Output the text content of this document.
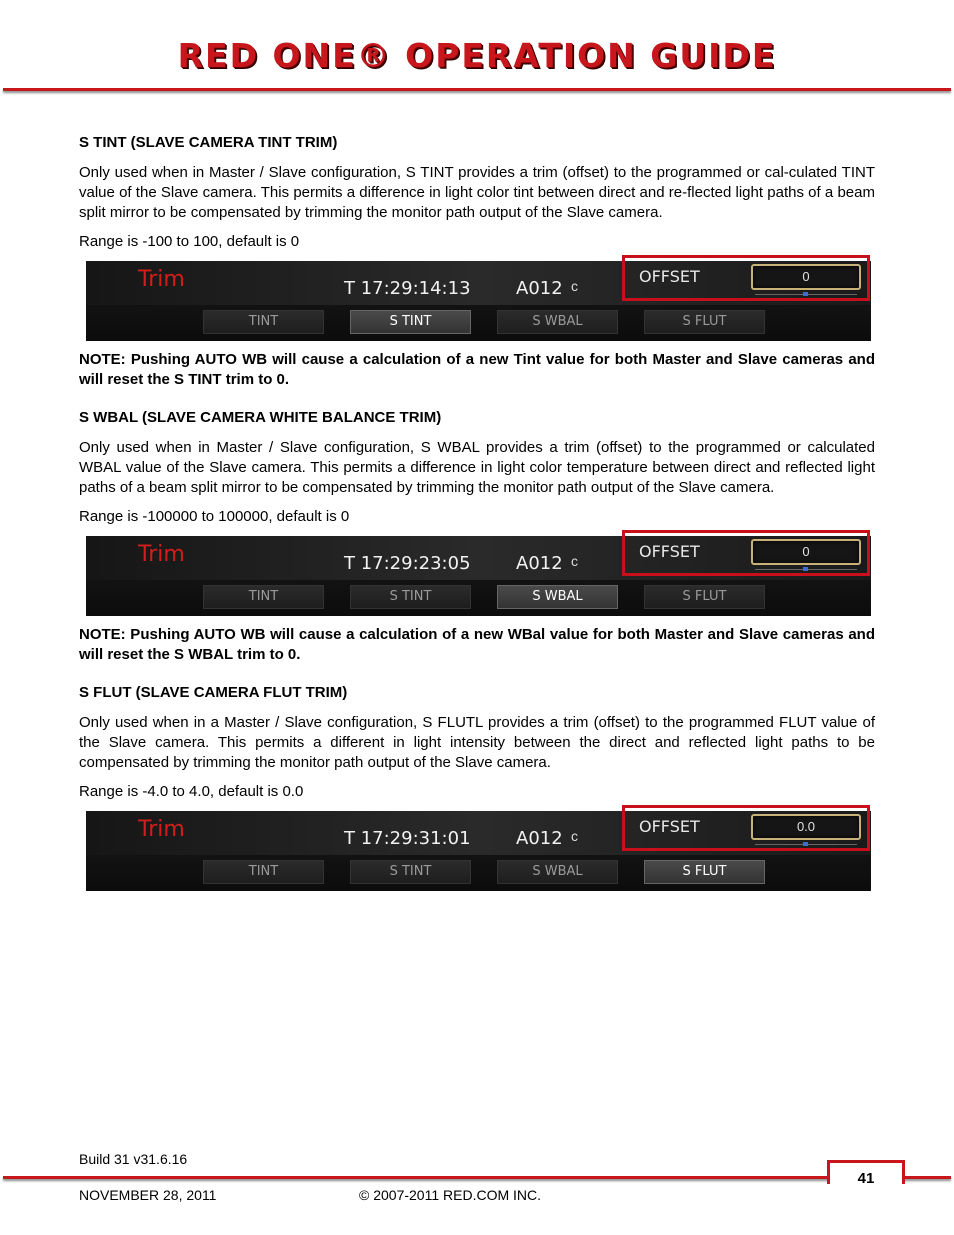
RED ONE® OPERATION GUIDE
S TINT (SLAVE CAMERA TINT TRIM)
Only used when in Master / Slave configuration, S TINT provides a trim (offset) to the programmed or cal-culated TINT value of the Slave camera. This permits a difference in light color tint between direct and re-flected light paths of a beam split mirror to be compensated by trimming the monitor path output of the Slave camera.
Range is -100 to 100, default is 0
Trim	T 17:29:14:13	A012 c	OFFSET	0
TINT	S TINT	S WBAL	S FLUT
NOTE: Pushing AUTO WB will cause a calculation of a new Tint value for both Master and Slave cameras and will reset the S TINT trim to 0.
S WBAL (SLAVE CAMERA WHITE BALANCE TRIM)
Only used when in Master / Slave configuration, S WBAL provides a trim (offset) to the programmed or calculated WBAL value of the Slave camera. This permits a difference in light color temperature between direct and reflected light paths of a beam split mirror to be compensated by trimming the monitor path output of the Slave camera.
Range is -100000 to 100000, default is 0
Trim	T 17:29:23:05	A012 c	OFFSET	0
TINT	S TINT	S WBAL	S FLUT
NOTE: Pushing AUTO WB will cause a calculation of a new WBal value for both Master and Slave cameras and will reset the S WBAL trim to 0.
S FLUT (SLAVE CAMERA FLUT TRIM)
Only used when in a Master / Slave configuration, S FLUTL provides a trim (offset) to the programmed FLUT value of the Slave camera. This permits a different in light intensity between the direct and reflected light paths to be compensated by trimming the monitor path output of the Slave camera.
Range is -4.0 to 4.0, default is 0.0
Trim	T 17:29:31:01	A012 c	OFFSET	0.0
TINT	S TINT	S WBAL	S FLUT
Build 31 v31.6.16
41
NOVEMBER 28, 2011	© 2007-2011 RED.COM INC.
